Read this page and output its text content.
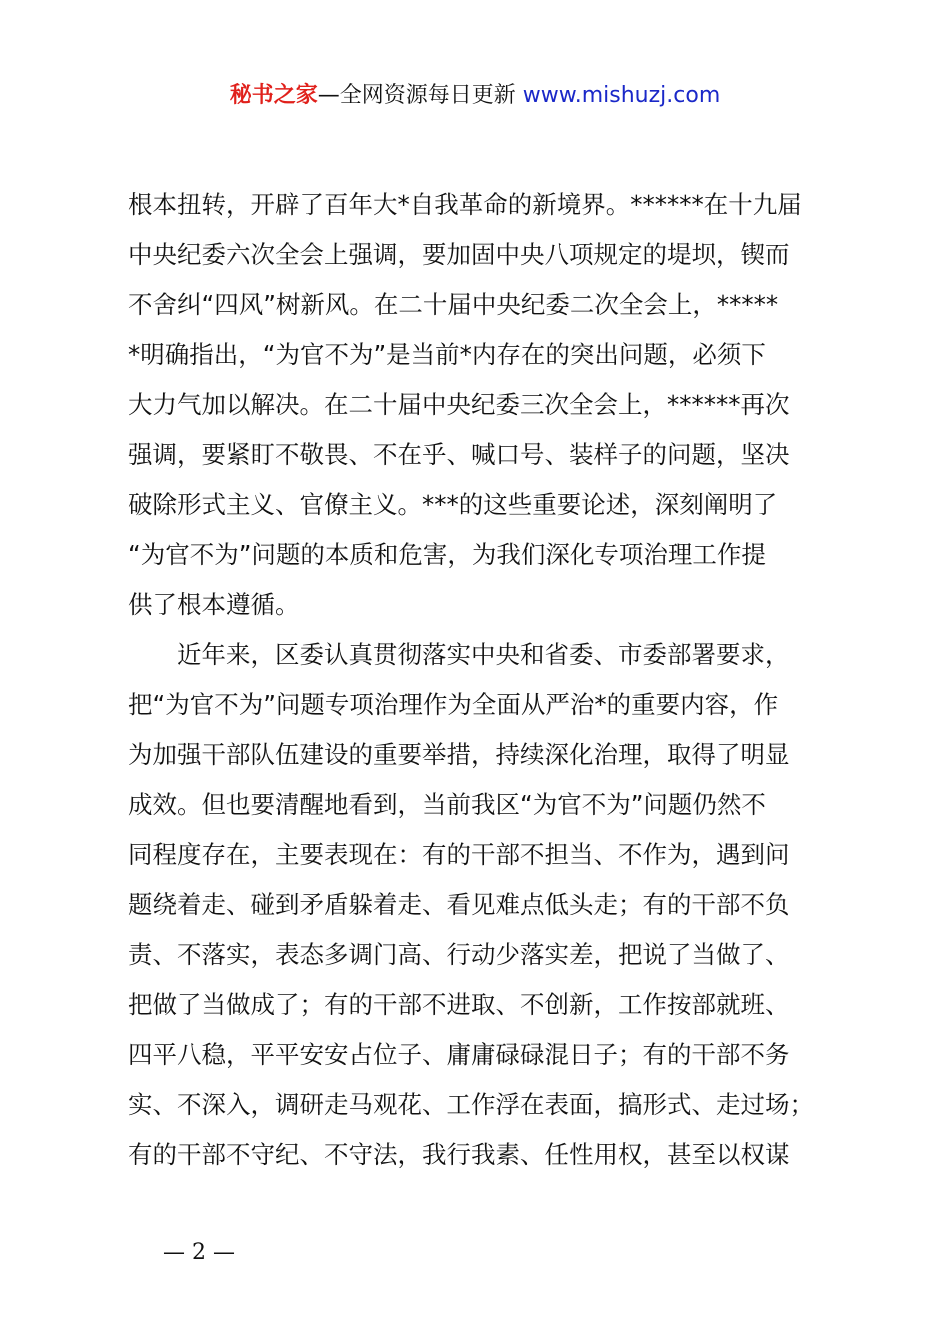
秘书之家—全网资源每日更新 www.mishuzj.com
根本扭转，开辟了百年大*自我革命的新境界。******在十九届
中央纪委六次全会上强调，要加固中央八项规定的堤坝，锲而
不舍纠“四风”树新风。在二十届中央纪委二次全会上，*****
*明确指出，“为官不为”是当前*内存在的突出问题，必须下
大力气加以解决。在二十届中央纪委三次全会上，******再次
强调，要紧盯不敬畏、不在乎、喊口号、装样子的问题，坚决
破除形式主义、官僚主义。***的这些重要论述，深刻阐明了
“为官不为”问题的本质和危害，为我们深化专项治理工作提
供了根本遵循。
近年来，区委认真贯彻落实中央和省委、市委部署要求，
把“为官不为”问题专项治理作为全面从严治*的重要内容，作
为加强干部队伍建设的重要举措，持续深化治理，取得了明显
成效。但也要清醒地看到，当前我区“为官不为”问题仍然不
同程度存在，主要表现在：有的干部不担当、不作为，遇到问
题绕着走、碰到矛盾躲着走、看见难点低头走；有的干部不负
责、不落实，表态多调门高、行动少落实差，把说了当做了、
把做了当做成了；有的干部不进取、不创新，工作按部就班、
四平八稳，平平安安占位子、庸庸碌碌混日子；有的干部不务
实、不深入，调研走马观花、工作浮在表面，搞形式、走过场；
有的干部不守纪、不守法，我行我素、任性用权，甚至以权谋
— 2 —
